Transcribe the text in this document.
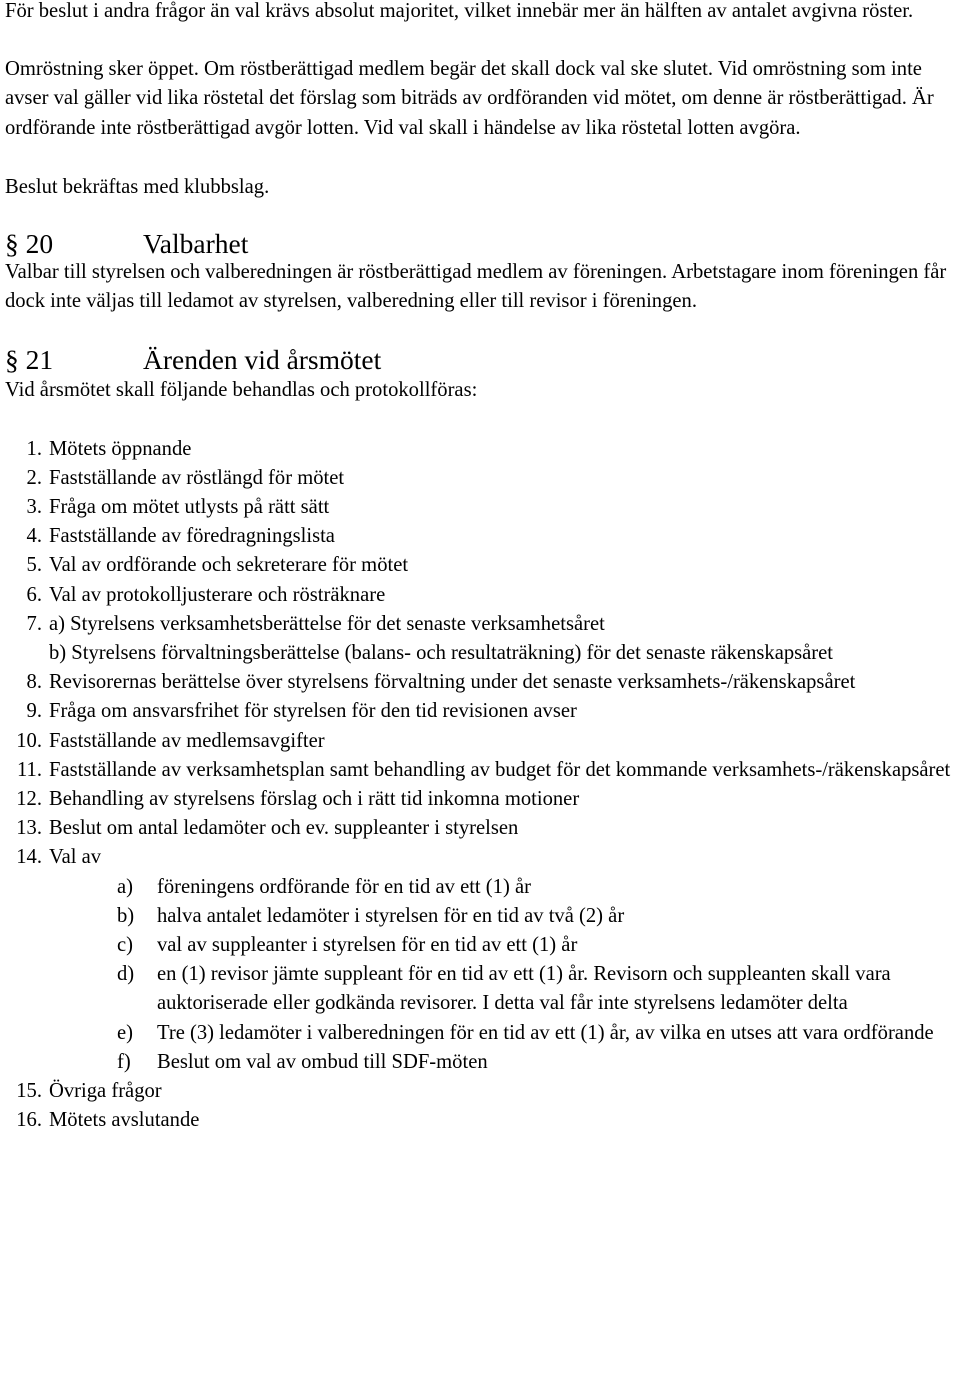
För beslut i andra frågor än val krävs absolut majoritet, vilket innebär mer än hälften av antalet avgivna röster.

Omröstning sker öppet. Om röstberättigad medlem begär det skall dock val ske slutet. Vid omröstning som inte avser val gäller vid lika röstetal det förslag som biträds av ordföranden vid mötet, om denne är röstberättigad. Är ordförande inte röstberättigad avgör lotten. Vid val skall i händelse av lika röstetal lotten avgöra.

Beslut bekräftas med klubbslag.

§ 20	Valbarhet

Valbar till styrelsen och valberedningen är röstberättigad medlem av föreningen. Arbetstagare inom föreningen får dock inte väljas till ledamot av styrelsen, valberedning eller till revisor i föreningen.

§ 21	Ärenden vid årsmötet

Vid årsmötet skall följande behandlas och protokollföras:

1. Mötets öppnande
2. Fastställande av röstlängd för mötet
3. Fråga om mötet utlysts på rätt sätt
4. Fastställande av föredragningslista
5. Val av ordförande och sekreterare för mötet
6. Val av protokolljusterare och rösträknare
7. a) Styrelsens verksamhetsberättelse för det senaste verksamhetsåret
b) Styrelsens förvaltningsberättelse (balans- och resultaträkning) för det senaste räkenskapsåret
8. Revisorernas berättelse över styrelsens förvaltning under det senaste verksamhets-/räkenskapsåret
9. Fråga om ansvarsfrihet för styrelsen för den tid revisionen avser
10. Fastställande av medlemsavgifter
11. Fastställande av verksamhetsplan samt behandling av budget för det kommande verksamhets-/räkenskapsåret
12. Behandling av styrelsens förslag och i rätt tid inkomna motioner
13. Beslut om antal ledamöter och ev. suppleanter i styrelsen
14. Val av
a)	föreningens ordförande för en tid av ett (1) år
b)	halva antalet ledamöter i styrelsen för en tid av två (2) år
c)	val av suppleanter i styrelsen för en tid av ett (1) år
d)	en (1) revisor jämte suppleant för en tid av ett (1) år. Revisorn och suppleanten skall vara auktoriserade eller godkända revisorer. I detta val får inte styrelsens ledamöter delta
e)	Tre (3) ledamöter i valberedningen för en tid av ett (1) år, av vilka en utses att vara ordförande
f)	Beslut om val av ombud till SDF-möten
15. Övriga frågor
16. Mötets avslutande
